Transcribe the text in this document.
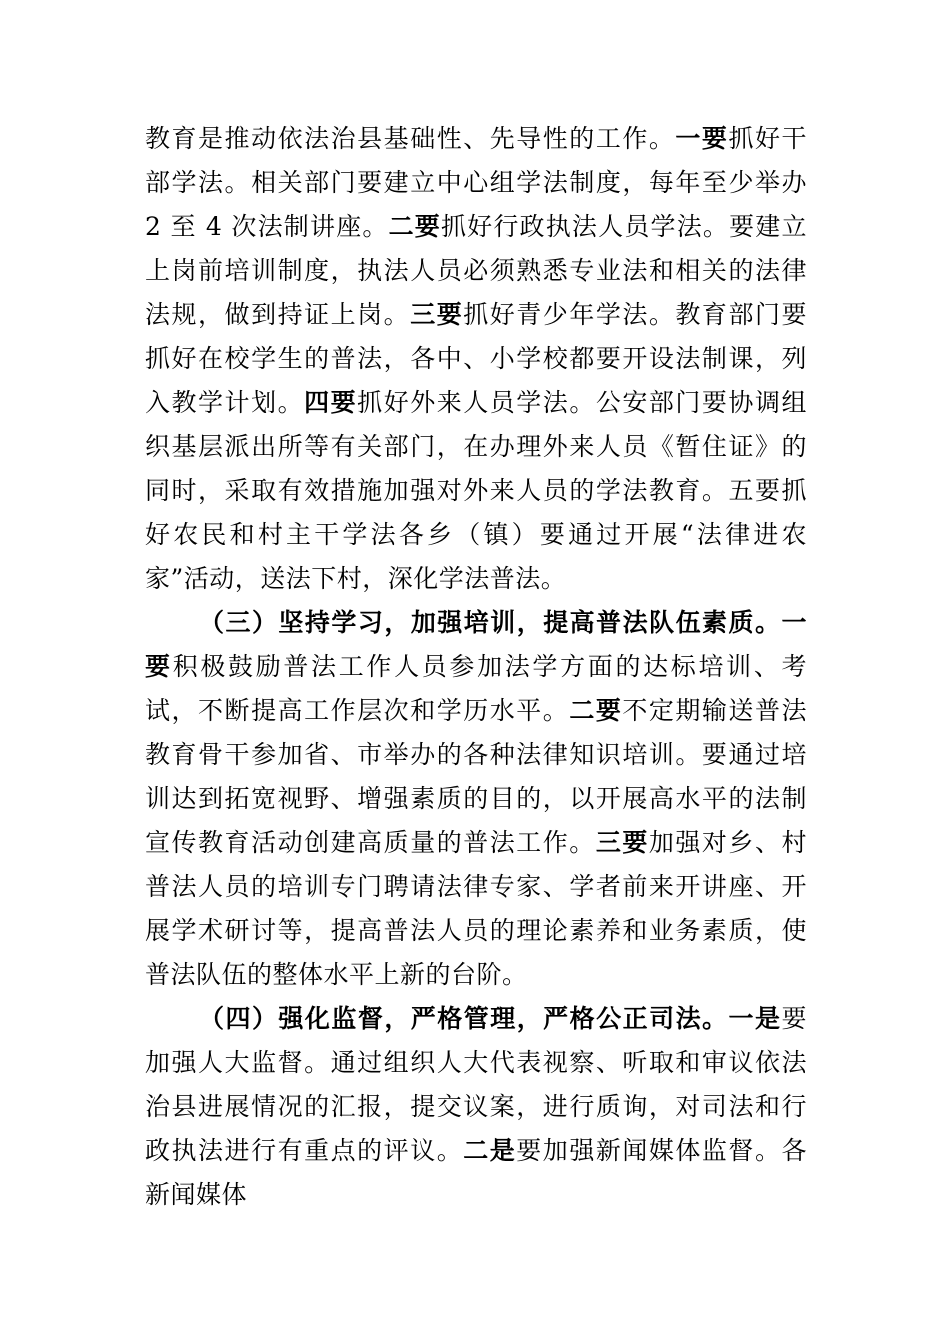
教育是推动依法治县基础性、先导性的工作。一要抓好干部学法。相关部门要建立中心组学法制度，每年至少举办 2 至 4 次法制讲座。二要抓好行政执法人员学法。要建立上岗前培训制度，执法人员必须熟悉专业法和相关的法律法规，做到持证上岗。三要抓好青少年学法。教育部门要抓好在校学生的普法，各中、小学校都要开设法制课，列入教学计划。四要抓好外来人员学法。公安部门要协调组织基层派出所等有关部门，在办理外来人员《暂住证》的同时，采取有效措施加强对外来人员的学法教育。五要抓好农民和村主干学法各乡（镇）要通过开展“法律进农家”活动，送法下村，深化学法普法。

（三）坚持学习，加强培训，提高普法队伍素质。一要积极鼓励普法工作人员参加法学方面的达标培训、考试，不断提高工作层次和学历水平。二要不定期输送普法教育骨干参加省、市举办的各种法律知识培训。要通过培训达到拓宽视野、增强素质的目的，以开展高水平的法制宣传教育活动创建高质量的普法工作。三要加强对乡、村普法人员的培训专门聘请法律专家、学者前来开讲座、开展学术研讨等，提高普法人员的理论素养和业务素质，使普法队伍的整体水平上新的台阶。

（四）强化监督，严格管理，严格公正司法。一是要加强人大监督。通过组织人大代表视察、听取和审议依法治县进展情况的汇报，提交议案，进行质询，对司法和行政执法进行有重点的评议。二是要加强新闻媒体监督。各新闻媒体
